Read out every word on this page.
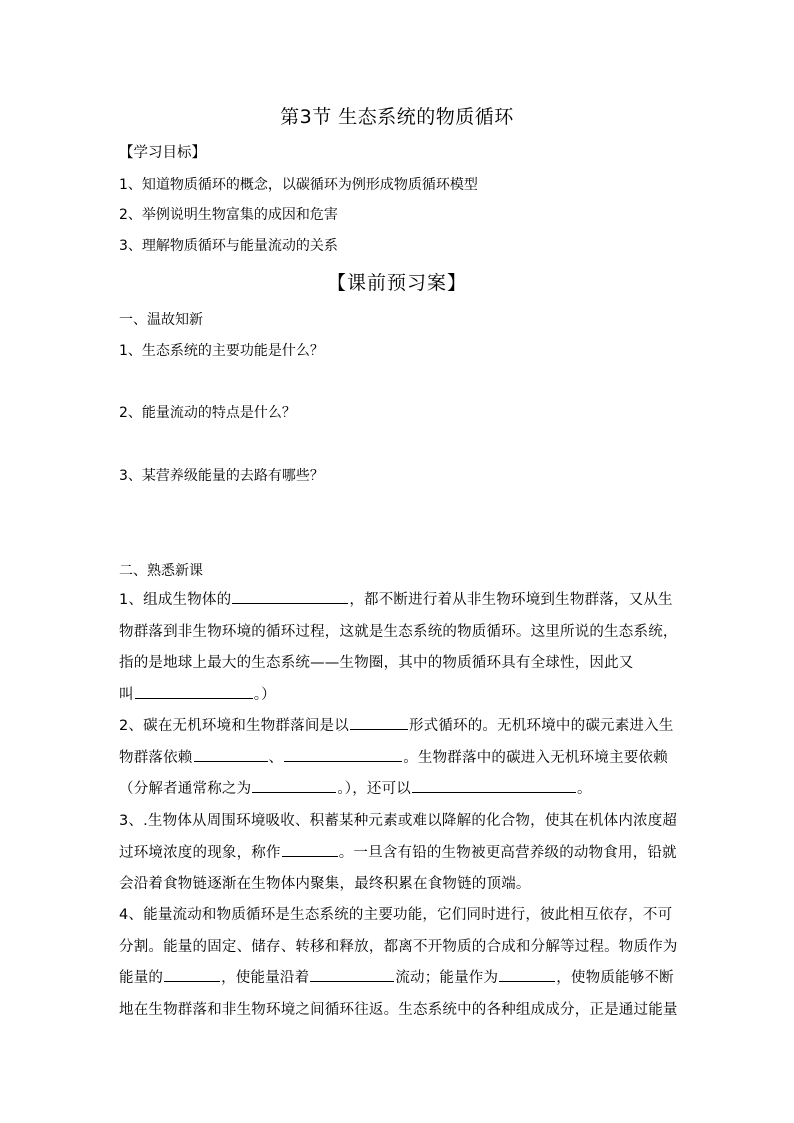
第3节 生态系统的物质循环
【学习目标】
1、知道物质循环的概念，以碳循环为例形成物质循环模型
2、举例说明生物富集的成因和危害
3、理解物质循环与能量流动的关系
【课前预习案】
一、温故知新
1、生态系统的主要功能是什么？
2、能量流动的特点是什么？
3、某营养级能量的去路有哪些？
二、熟悉新课
1、组成生物体的	，都不断进行着从非生物环境到生物群落，又从生
物群落到非生物环境的循环过程，这就是生态系统的物质循环。这里所说的生态系统，
指的是地球上最大的生态系统——生物圈，其中的物质循环具有全球性，因此又
叫	。）
2、碳在无机环境和生物群落间是以	形式循环的。无机环境中的碳元素进入生
物群落依赖	、	。生物群落中的碳进入无机环境主要依赖
（分解者通常称之为	。），还可以	。
3、.生物体从周围环境吸收、积蓄某种元素或难以降解的化合物，使其在机体内浓度超
过环境浓度的现象，称作	。一旦含有铅的生物被更高营养级的动物食用，铅就
会沿着食物链逐渐在生物体内聚集，最终积累在食物链的顶端。
4、能量流动和物质循环是生态系统的主要功能，它们同时进行，彼此相互依存，不可
分割。能量的固定、储存、转移和释放，都离不开物质的合成和分解等过程。物质作为
能量的	，使能量沿着	流动；能量作为	，使物质能够不断
地在生物群落和非生物环境之间循环往返。生态系统中的各种组成成分，正是通过能量
